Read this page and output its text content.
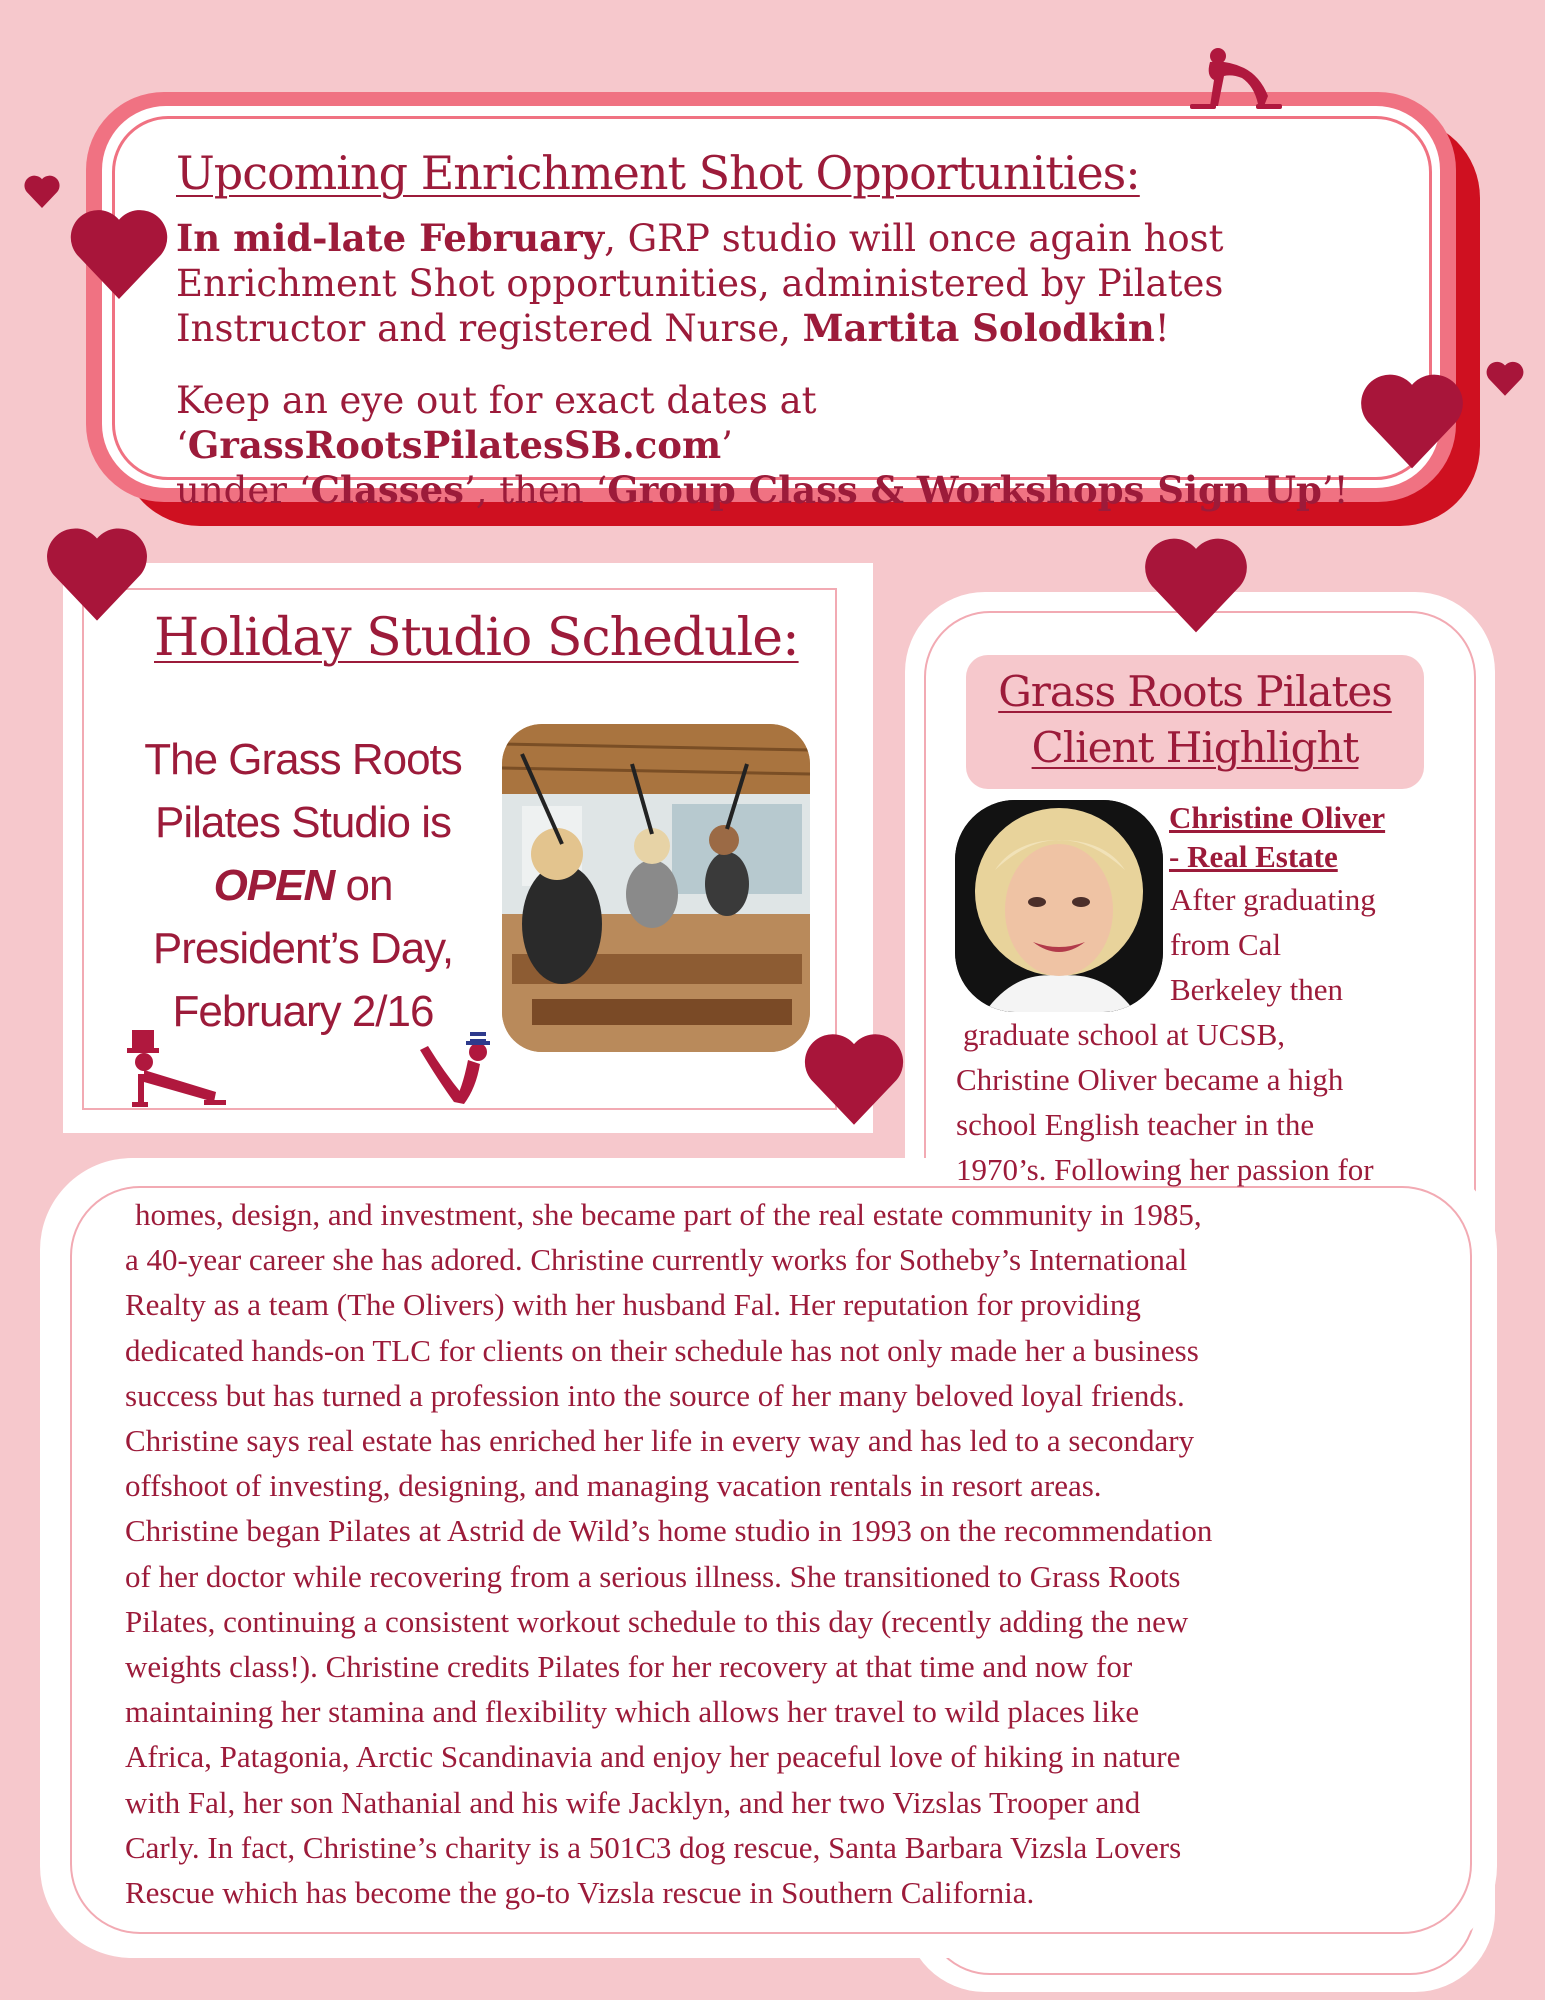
Upcoming Enrichment Shot Opportunities:

In mid-late February, GRP studio will once again host
Enrichment Shot opportunities, administered by Pilates
Instructor and registered Nurse, Martita Solodkin!

Keep an eye out for exact dates at ‘GrassRootsPilatesSB.com’
under ‘Classes’, then ‘Group Class & Workshops Sign Up’!

Holiday Studio Schedule:

The Grass Roots
Pilates Studio is
OPEN on
President’s Day,
February 2/16

Grass Roots Pilates
Client Highlight

Christine Oliver
- Real Estate

After graduating

from Cal

Berkeley then

graduate school at UCSB,

Christine Oliver became a high

school English teacher in the

1970’s. Following her passion for

homes, design, and investment, she became part of the real estate community in 1985,
a 40-year career she has adored. Christine currently works for Sotheby’s International
Realty as a team (The Olivers) with her husband Fal. Her reputation for providing
dedicated hands-on TLC for clients on their schedule has not only made her a business
success but has turned a profession into the source of her many beloved loyal friends.
Christine says real estate has enriched her life in every way and has led to a secondary
offshoot of investing, designing, and managing vacation rentals in resort areas.
Christine began Pilates at Astrid de Wild’s home studio in 1993 on the recommendation
of her doctor while recovering from a serious illness. She transitioned to Grass Roots
Pilates, continuing a consistent workout schedule to this day (recently adding the new
weights class!). Christine credits Pilates for her recovery at that time and now for
maintaining her stamina and flexibility which allows her travel to wild places like
Africa, Patagonia, Arctic Scandinavia and enjoy her peaceful love of hiking in nature
with Fal, her son Nathanial and his wife Jacklyn, and her two Vizslas Trooper and
Carly. In fact, Christine’s charity is a 501C3 dog rescue, Santa Barbara Vizsla Lovers
Rescue which has become the go-to Vizsla rescue in Southern California.
